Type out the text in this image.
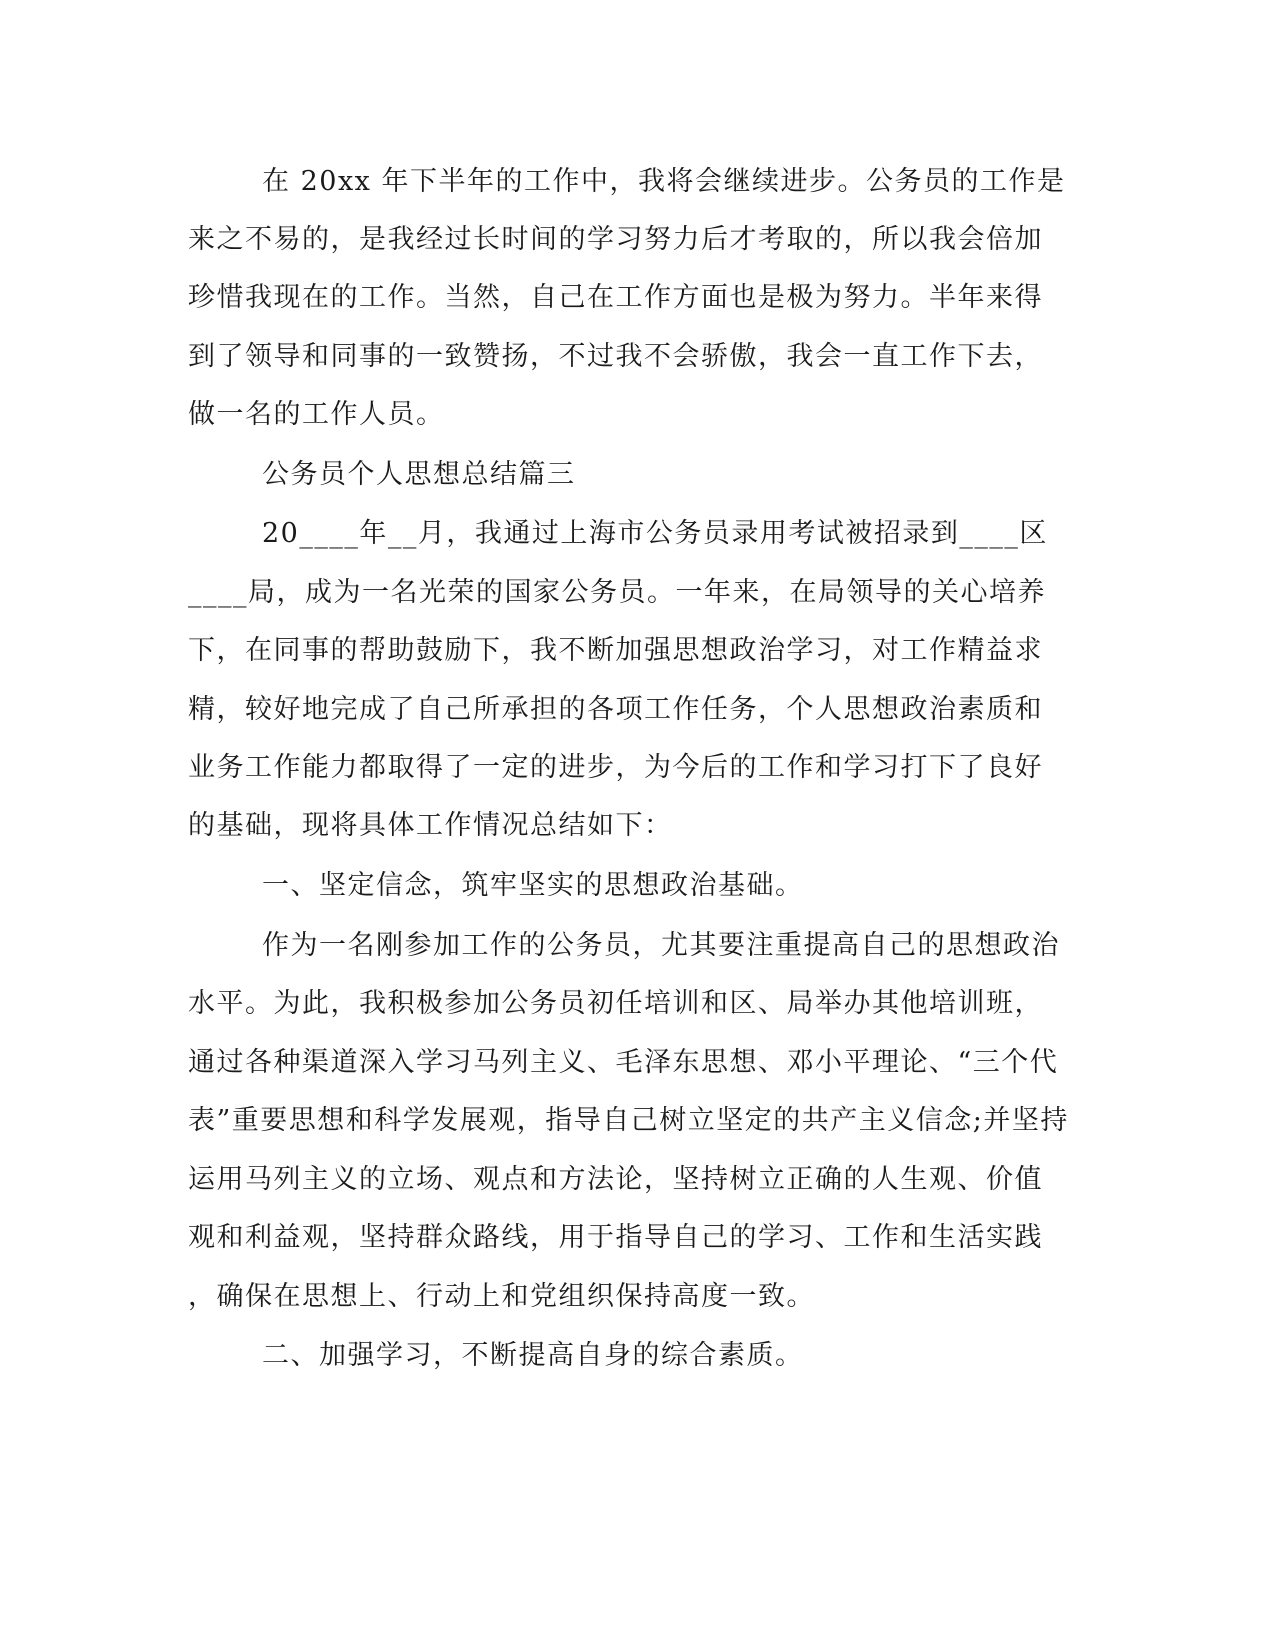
在 20xx 年下半年的工作中，我将会继续进步。公务员的工作是
来之不易的，是我经过长时间的学习努力后才考取的，所以我会倍加
珍惜我现在的工作。当然，自己在工作方面也是极为努力。半年来得
到了领导和同事的一致赞扬，不过我不会骄傲，我会一直工作下去，
做一名的工作人员。
公务员个人思想总结篇三
20____年__月，我通过上海市公务员录用考试被招录到____区
____局，成为一名光荣的国家公务员。一年来，在局领导的关心培养
下，在同事的帮助鼓励下，我不断加强思想政治学习，对工作精益求
精，较好地完成了自己所承担的各项工作任务，个人思想政治素质和
业务工作能力都取得了一定的进步，为今后的工作和学习打下了良好
的基础，现将具体工作情况总结如下：
一、坚定信念，筑牢坚实的思想政治基础。
作为一名刚参加工作的公务员，尤其要注重提高自己的思想政治
水平。为此，我积极参加公务员初任培训和区、局举办其他培训班，
通过各种渠道深入学习马列主义、毛泽东思想、邓小平理论、“三个代
表”重要思想和科学发展观，指导自己树立坚定的共产主义信念;并坚持
运用马列主义的立场、观点和方法论，坚持树立正确的人生观、价值
观和利益观，坚持群众路线，用于指导自己的学习、工作和生活实践
，确保在思想上、行动上和党组织保持高度一致。
二、加强学习，不断提高自身的综合素质。
